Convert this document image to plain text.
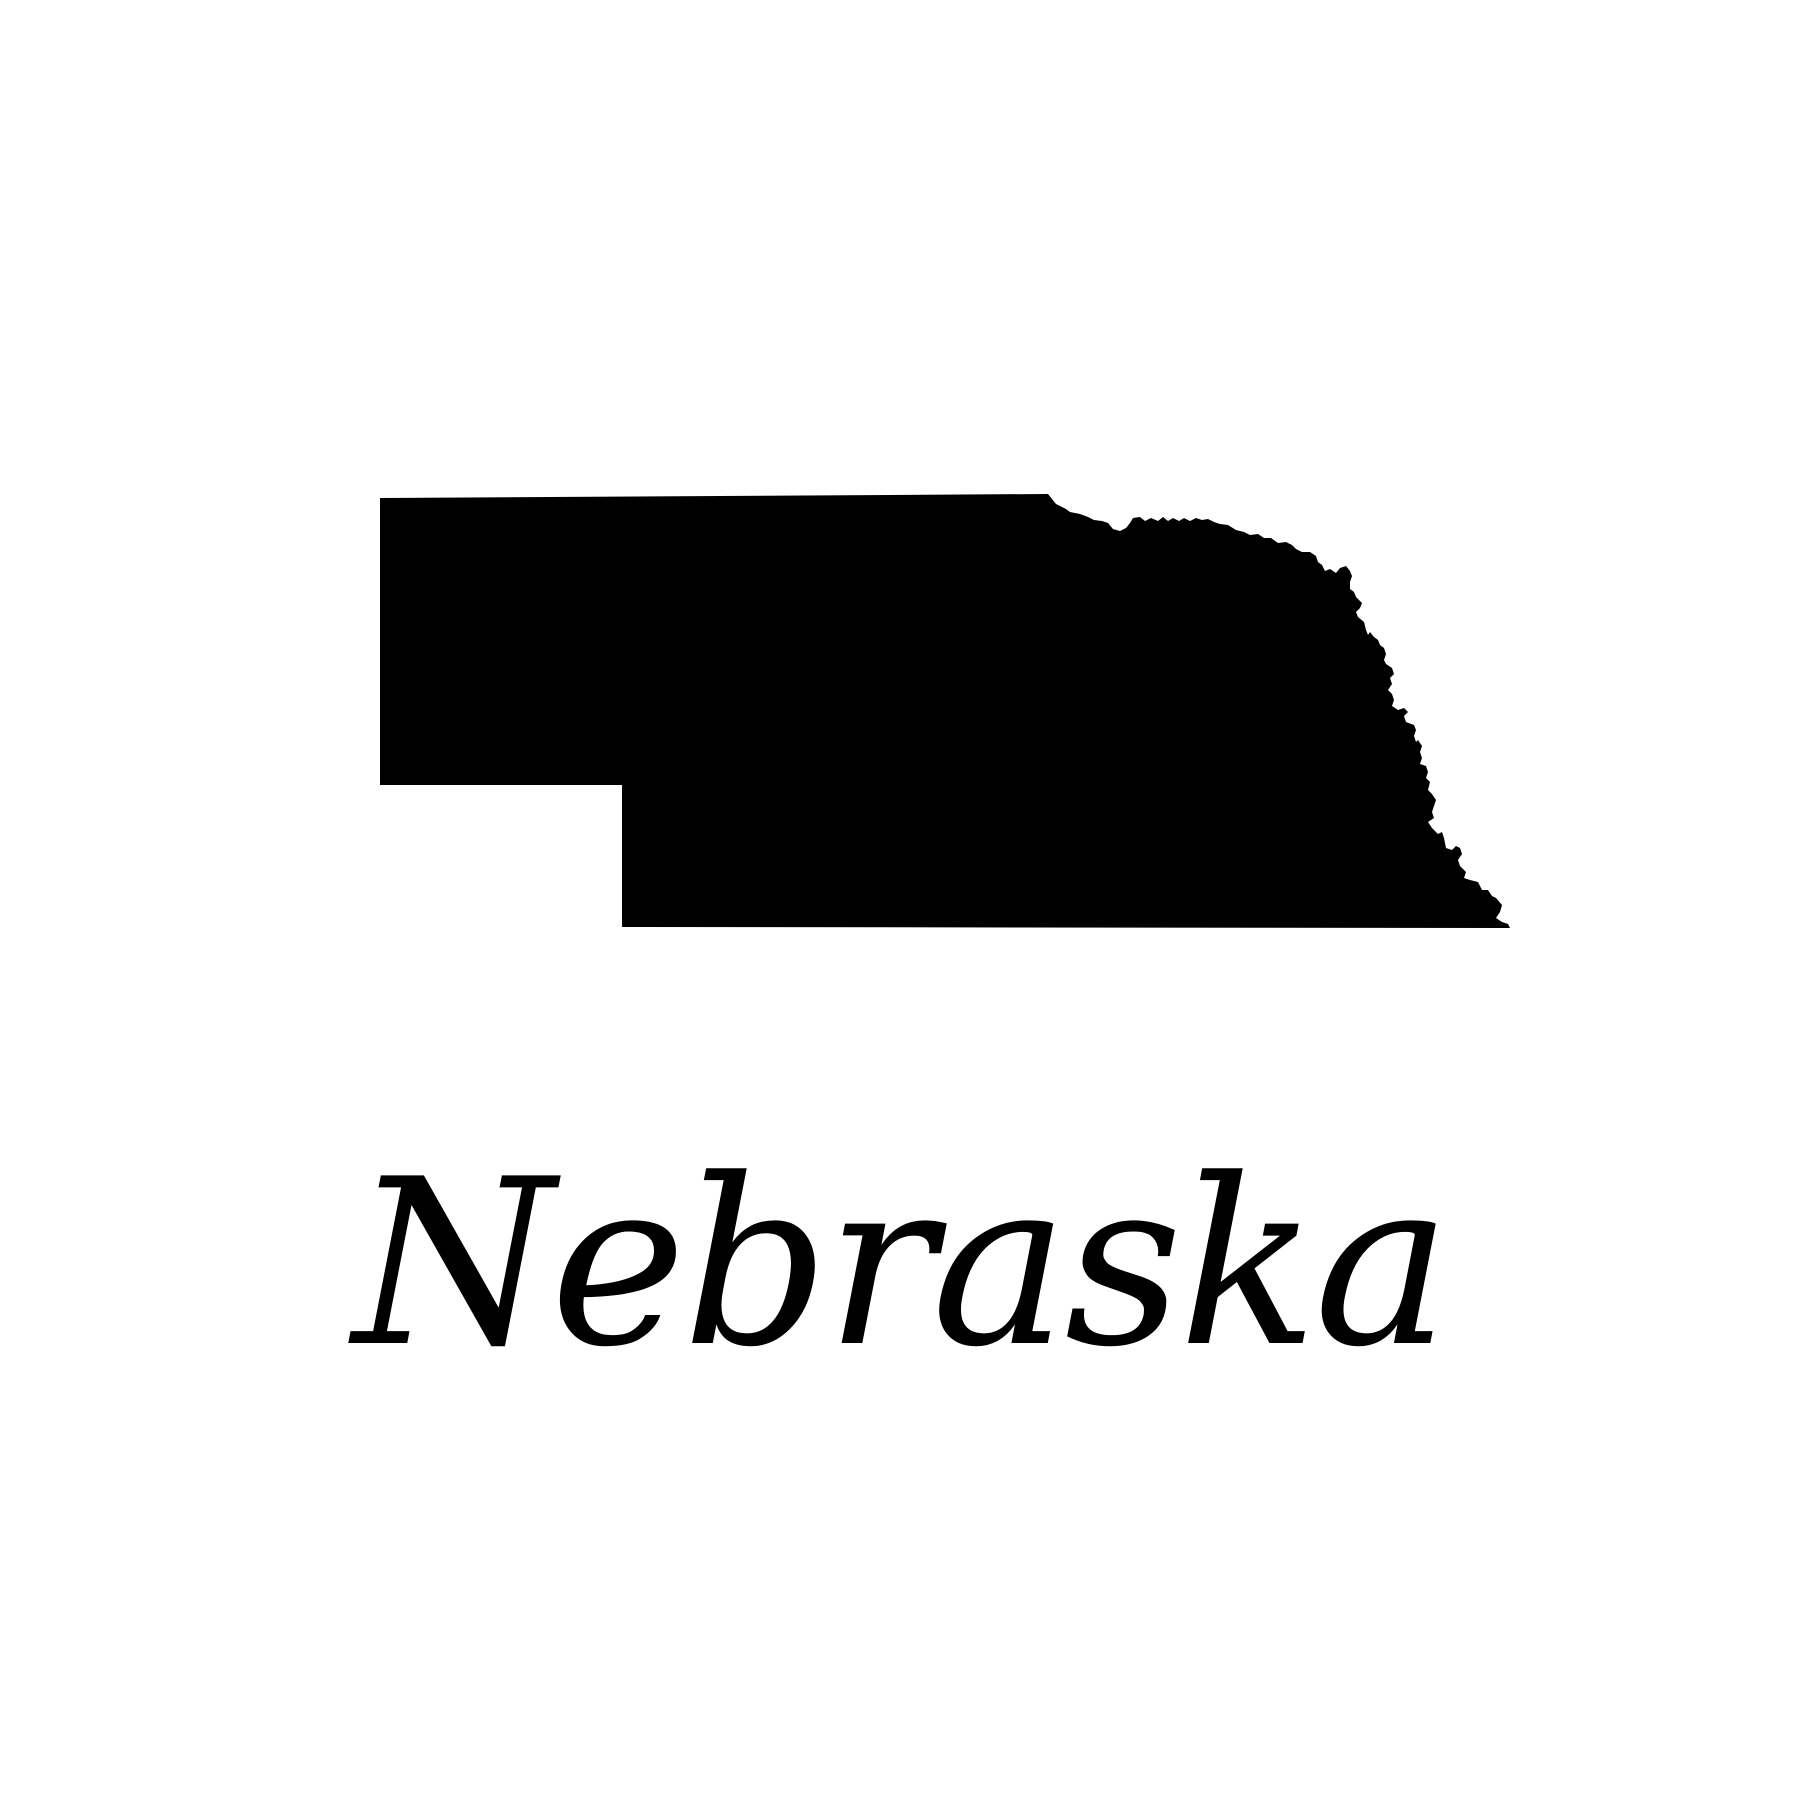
Nebraska
